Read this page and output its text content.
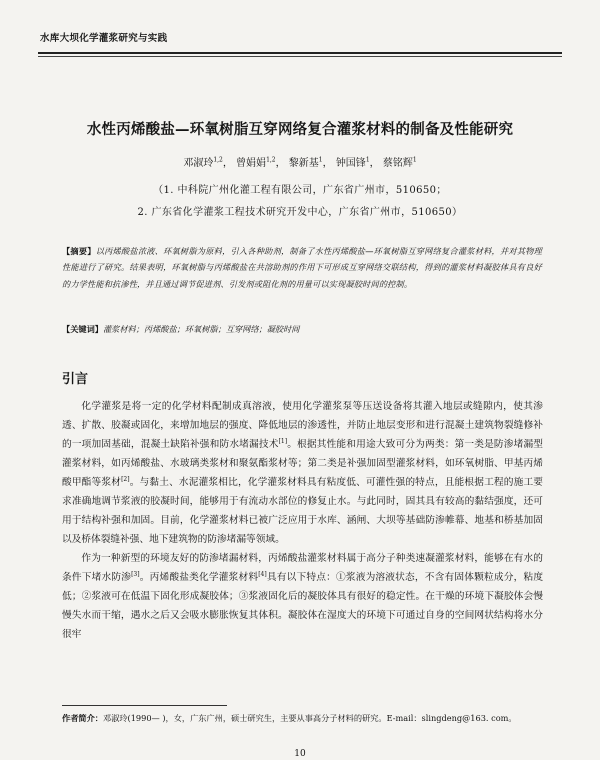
水库大坝化学灌浆研究与实践
水性丙烯酸盐—环氧树脂互穿网络复合灌浆材料的制备及性能研究
邓淑玲$^{1,2}$， 曾娟娟$^{1,2}$， 黎新基$^1$， 钟国锋$^1$， 蔡铭辉$^1$
（1. 中科院广州化灌工程有限公司，广东省广州市，510650；
2. 广东省化学灌浆工程技术研究开发中心，广东省广州市，510650）
【摘要】以丙烯酸盐浓液、环氧树脂为原料，引入各种助剂，制备了水性丙烯酸盐—环氧树脂互穿网络复合灌浆材料，并对其物理性能进行了研究。结果表明，环氧树脂与丙烯酸盐在共溶助剂的作用下可形成互穿网络交联结构，得到的灌浆材料凝胶体具有良好的力学性能和抗渗性，并且通过调节促进剂、引发剂或阻化剂的用量可以实现凝胶时间的控制。
【关键词】灌浆材料；丙烯酸盐；环氧树脂；互穿网络；凝胶时间
引言

化学灌浆是将一定的化学材料配制成真溶液，使用化学灌浆泵等压送设备将其灌入地层或缝隙内，使其渗透、扩散、胶凝或固化，来增加地层的强度、降低地层的渗透性，并防止地层变形和进行混凝土建筑物裂缝修补的一项加固基础，混凝土缺陷补强和防水堵漏技术[1]。根据其性能和用途大致可分为两类：第一类是防渗堵漏型灌浆材料，如丙烯酸盐、水玻璃类浆材和聚氨酯浆材等；第二类是补强加固型灌浆材料，如环氧树脂、甲基丙烯酸甲酯等浆材[2]。与黏土、水泥灌浆相比，化学灌浆材料具有粘度低、可灌性强的特点，且能根据工程的施工要求准确地调节浆液的胶凝时间，能够用于有流动水部位的修复止水。与此同时，固其具有较高的黏结强度，还可用于结构补强和加固。目前，化学灌浆材料已被广泛应用于水库、涵闸、大坝等基础防渗帷幕、地基和桥基加固以及桥体裂缝补强、地下建筑物的防渗堵漏等领域。

作为一种新型的环境友好的防渗堵漏材料，丙烯酸盐灌浆材料属于高分子种类速凝灌浆材料，能够在有水的条件下堵水防渗[3]。丙烯酸盐类化学灌浆材料[4]具有以下特点：①浆液为溶液状态，不含有固体颗粒成分，粘度低；②浆液可在低温下固化形成凝胶体；③浆液固化后的凝胶体具有很好的稳定性。在干燥的环境下凝胶体会慢慢失水而干缩，遇水之后又会吸水膨胀恢复其体积。凝胶体在湿度大的环境下可通过自身的空间网状结构将水分很牢

作者简介：邓淑玲(1990— )，女，广东广州，硕士研究生，主要从事高分子材料的研究。E-mail：slingdeng@163. com。
10
